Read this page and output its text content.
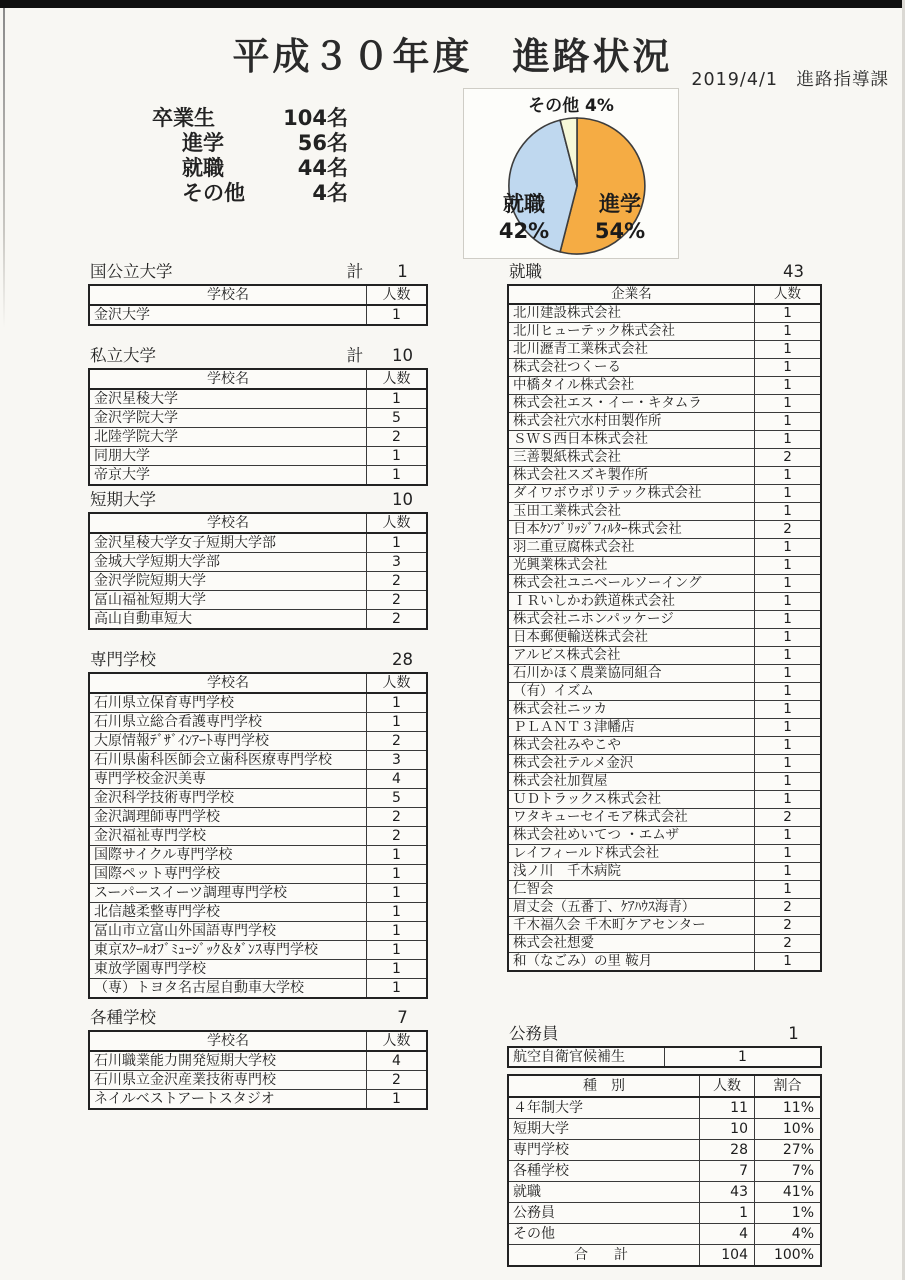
平成３０年度　進路状況
2019/4/1　進路指導課
卒業生	104名
進学	56名
就職	44名
その他	4名
その他 4%
就職
42%
進学
54%
国公立大学	計	1
学校名	人数
金沢大学	1
私立大学	計	10
学校名	人数
金沢星稜大学	1
金沢学院大学	5
北陸学院大学	2
同朋大学	1
帝京大学	1
短期大学	10
学校名	人数
金沢星稜大学女子短期大学部	1
金城大学短期大学部	3
金沢学院短期大学	2
冨山福祉短期大学	2
高山自動車短大	2
専門学校	28
学校名	人数
石川県立保育専門学校	1
石川県立総合看護専門学校	1
大原情報ﾃﾞｻﾞｲﾝｱｰﾄ専門学校	2
石川県歯科医師会立歯科医療専門学校	3
専門学校金沢美専	4
金沢科学技術専門学校	5
金沢調理師専門学校	2
金沢福祉専門学校	2
国際サイクル専門学校	1
国際ペット専門学校	1
スーパースイーツ調理専門学校	1
北信越柔整専門学校	1
冨山市立富山外国語専門学校	1
東京ｽｸｰﾙｵﾌﾞﾐｭｰｼﾞｯｸ＆ﾀﾞﾝｽ専門学校	1
東放学園専門学校	1
（専）トヨタ名古屋自動車大学校	1
各種学校	7
学校名	人数
石川職業能力開発短期大学校	4
石川県立金沢産業技術専門校	2
ネイルベストアートスタジオ	1
就職	43
企業名	人数
北川建設株式会社	1
北川ヒューテック株式会社	1
北川瀝青工業株式会社	1
株式会社つくーる	1
中橋タイル株式会社	1
株式会社エス・イー・キタムラ	1
株式会社穴水村田製作所	1
ＳＷＳ西日本株式会社	1
三善製紙株式会社	2
株式会社スズキ製作所	1
ダイワボウポリテック株式会社	1
玉田工業株式会社	1
日本ｹﾝﾌﾞﾘｯｼﾞﾌｨﾙﾀｰ株式会社	2
羽二重豆腐株式会社	1
光興業株式会社	1
株式会社ユニベールソーイング	1
ＩＲいしかわ鉄道株式会社	1
株式会社ニホンパッケージ	1
日本郵便輸送株式会社	1
アルビス株式会社	1
石川かほく農業協同組合	1
（有）イズム	1
株式会社ニッカ	1
ＰＬＡＮＴ３津幡店	1
株式会社みやこや	1
株式会社テルメ金沢	1
株式会社加賀屋	1
ＵＤトラックス株式会社	1
ワタキューセイモア株式会社	2
株式会社めいてつ ・エムザ	1
レイフィールド株式会社	1
浅ノ川　千木病院	1
仁智会	1
眉丈会（五番丁、ｹｱﾊｳｽ海青）	2
千木福久会 千木町ケアセンター	2
株式会社想愛	2
和（なごみ）の里 鞍月	1
公務員	1
航空自衛官候補生	1
種　別	人数	割合
４年制大学	11	11%
短期大学	10	10%
専門学校	28	27%
各種学校	7	7%
就職	43	41%
公務員	1	1%
その他	4	4%
合　計	104	100%
